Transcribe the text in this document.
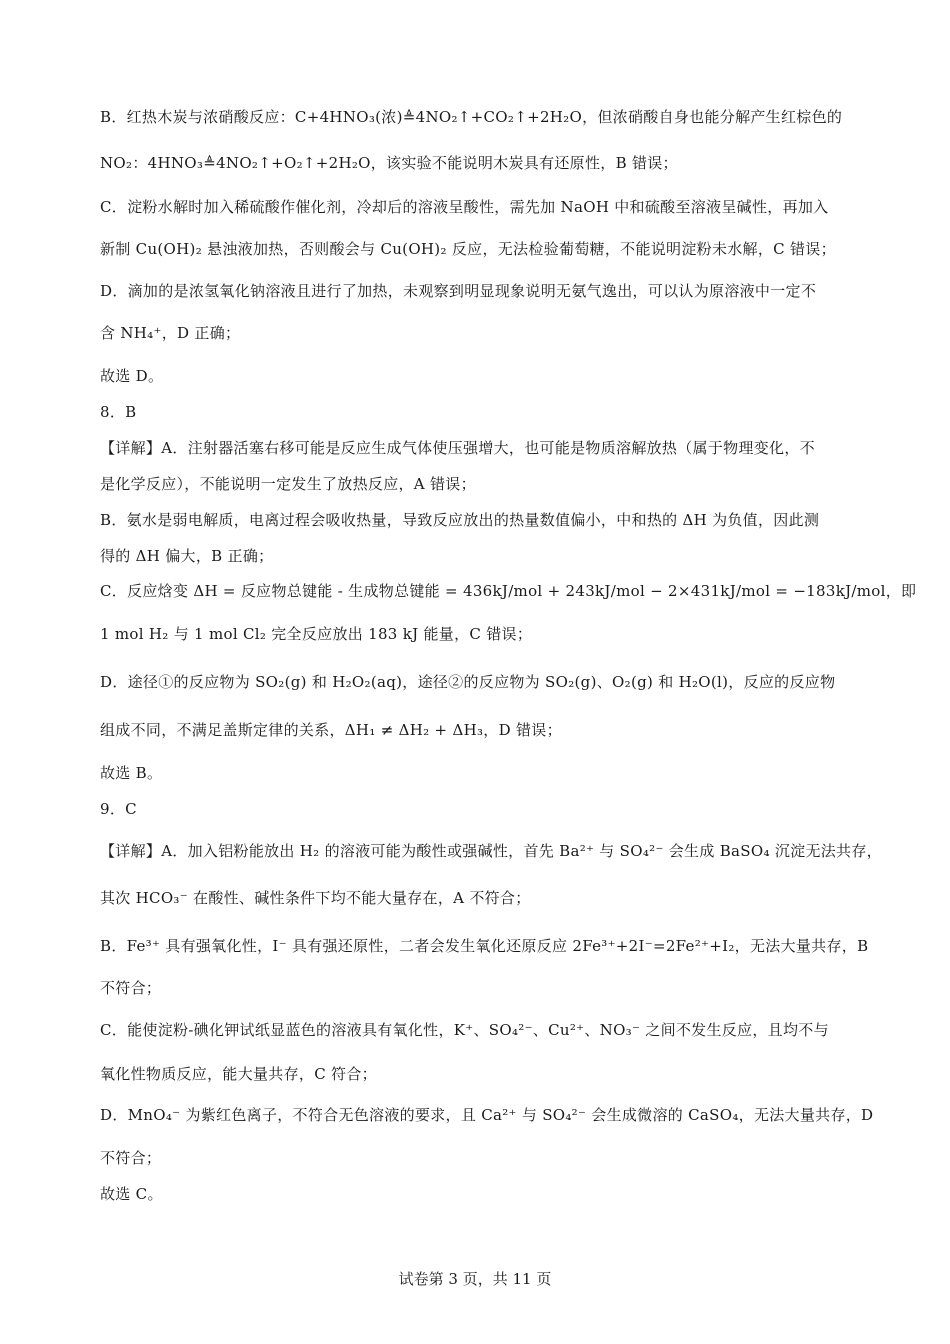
B．红热木炭与浓硝酸反应：C+4HNO₃(浓)≜4NO₂↑+CO₂↑+2H₂O，但浓硝酸自身也能分解产生红棕色的
NO₂：4HNO₃≜4NO₂↑+O₂↑+2H₂O，该实验不能说明木炭具有还原性，B 错误；
C．淀粉水解时加入稀硫酸作催化剂，冷却后的溶液呈酸性，需先加 NaOH 中和硫酸至溶液呈碱性，再加入
新制 Cu(OH)₂ 悬浊液加热，否则酸会与 Cu(OH)₂ 反应，无法检验葡萄糖，不能说明淀粉未水解，C 错误；
D．滴加的是浓氢氧化钠溶液且进行了加热，未观察到明显现象说明无氨气逸出，可以认为原溶液中一定不
含 NH₄⁺，D 正确；
故选 D。
8．B
【详解】A．注射器活塞右移可能是反应生成气体使压强增大，也可能是物质溶解放热（属于物理变化，不
是化学反应），不能说明一定发生了放热反应，A 错误；
B．氨水是弱电解质，电离过程会吸收热量，导致反应放出的热量数值偏小，中和热的 ΔH 为负值，因此测
得的 ΔH 偏大，B 正确；
C．反应焓变 ΔH = 反应物总键能 - 生成物总键能 = 436kJ/mol + 243kJ/mol − 2×431kJ/mol = −183kJ/mol，即
1 mol H₂ 与 1 mol Cl₂ 完全反应放出 183 kJ 能量，C 错误；
D．途径①的反应物为 SO₂(g) 和 H₂O₂(aq)，途径②的反应物为 SO₂(g)、O₂(g) 和 H₂O(l)，反应的反应物
组成不同，不满足盖斯定律的关系，ΔH₁ ≠ ΔH₂ + ΔH₃，D 错误；
故选 B。
9．C
【详解】A．加入铝粉能放出 H₂ 的溶液可能为酸性或强碱性，首先 Ba²⁺ 与 SO₄²⁻ 会生成 BaSO₄ 沉淀无法共存，
其次 HCO₃⁻ 在酸性、碱性条件下均不能大量存在，A 不符合；
B．Fe³⁺ 具有强氧化性，I⁻ 具有强还原性，二者会发生氧化还原反应 2Fe³⁺+2I⁻=2Fe²⁺+I₂，无法大量共存，B
不符合；
C．能使淀粉-碘化钾试纸显蓝色的溶液具有氧化性，K⁺、SO₄²⁻、Cu²⁺、NO₃⁻ 之间不发生反应，且均不与
氧化性物质反应，能大量共存，C 符合；
D．MnO₄⁻ 为紫红色离子，不符合无色溶液的要求，且 Ca²⁺ 与 SO₄²⁻ 会生成微溶的 CaSO₄，无法大量共存，D
不符合；
故选 C。
试卷第 3 页，共 11 页
